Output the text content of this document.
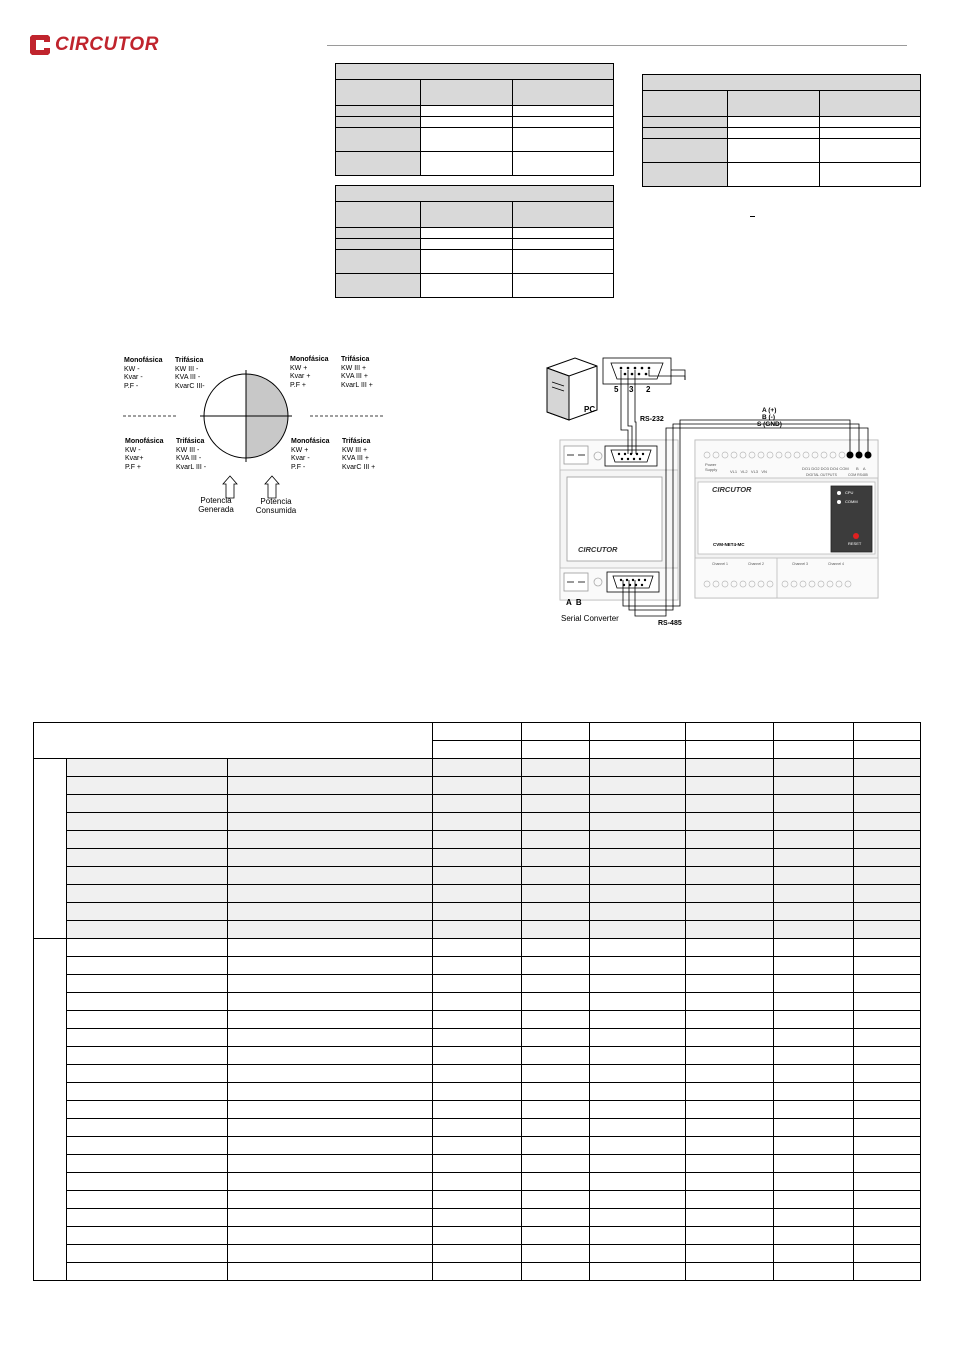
CIRCUTOR

Monofásica
KW -
Kvar -
P.F -
Trifásica
KW III -
KVA III -
KvarC III-
Monofásica
KW +
Kvar +
P.F +
Trifásica
KW III +
KVA III +
KvarL III +
Monofásica
KW -
Kvar+
P.F +
Trifásica
KW III -
KVA III -
KvarL III -
Monofásica
KW +
Kvar -
P.F -
Trifásica
KW III +
KVA III +
KvarC III +
Potencia
Generada
Potencia
Consumida
PC
5 3 2
RS-232
A (+)
B (-)
S (GND)
CIRCUTOR
A  B
Serial Converter
RS-485
Power
Supply	VL1   VL2   VL3   VN
DO1 DO2 DO3 DO4 COM
DIGITAL OUTPUTS
B    A
COM RS485
CIRCUTOR
CVM-NET4-MC
CPU
COMM
RESET
Channel 1	Channel 2	Channel 3	Channel 4
